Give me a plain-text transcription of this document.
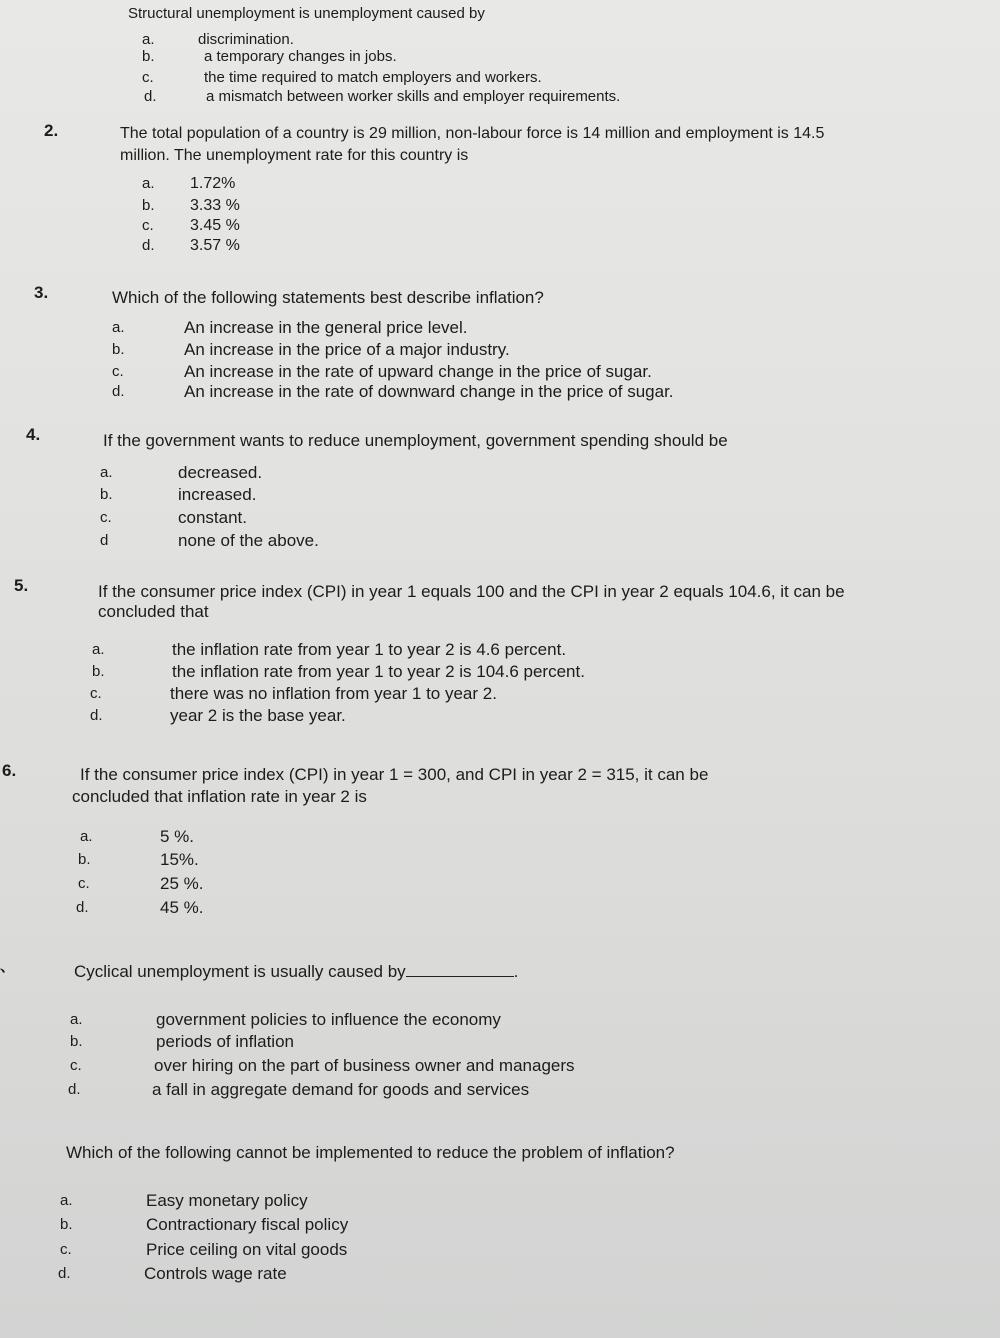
Structural unemployment is unemployment caused by
a.	discrimination.
b.	a temporary changes in jobs.
c.	the time required to match employers and workers.
d.	a mismatch between worker skills and employer requirements.
2.	The total population of a country is 29 million, non-labour force is 14 million and employment is 14.5
million. The unemployment rate for this country is
a. 1.72%
b. 3.33 %
c. 3.45 %
d. 3.57 %
3.	Which of the following statements best describe inflation?
a.	An increase in the general price level.
b.	An increase in the price of a major industry.
c.	An increase in the rate of upward change in the price of sugar.
d.	An increase in the rate of downward change in the price of sugar.
4.	If the government wants to reduce unemployment, government spending should be
a.	decreased.
b.	increased.
c.	constant.
d	none of the above.
5.	If the consumer price index (CPI) in year 1 equals 100 and the CPI in year 2 equals 104.6, it can be
concluded that
a.	the inflation rate from year 1 to year 2 is 4.6 percent.
b.	the inflation rate from year 1 to year 2 is 104.6 percent.
c.	there was no inflation from year 1 to year 2.
d.	year 2 is the base year.
6.	If the consumer price index (CPI) in year 1 = 300, and CPI in year 2 = 315, it can be
concluded that inflation rate in year 2 is
a.	5 %.
b.	15%.
c.	25 %.
d.	45 %.
、	Cyclical unemployment is usually caused by	.
a.	government policies to influence the economy
b.	periods of inflation
c.	over hiring on the part of business owner and managers
d.	a fall in aggregate demand for goods and services
Which of the following cannot be implemented to reduce the problem of inflation?
a.	Easy monetary policy
b.	Contractionary fiscal policy
c.	Price ceiling on vital goods
d.	Controls wage rate
